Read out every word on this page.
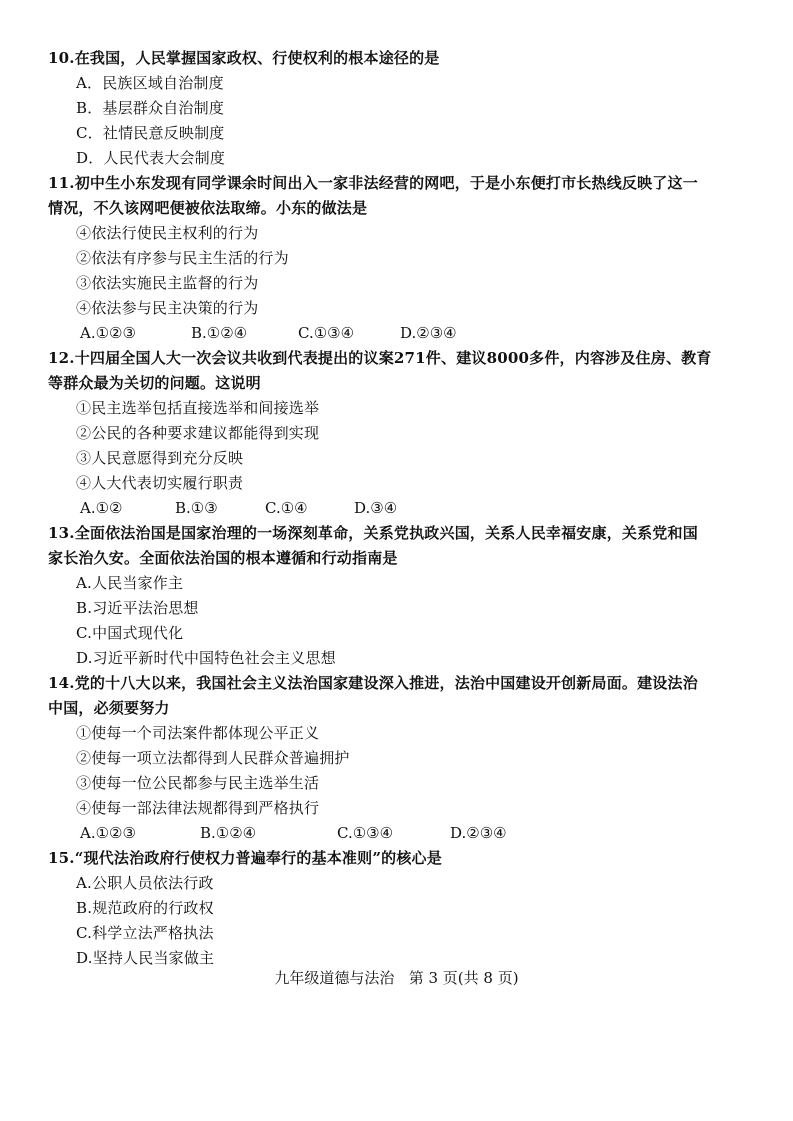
10.在我国，人民掌握国家政权、行使权利的根本途径的是
A．民族区域自治制度
B．基层群众自治制度
C．社情民意反映制度
D．人民代表大会制度
11.初中生小东发现有同学课余时间出入一家非法经营的网吧，于是小东便打市长热线反映了这一
情况，不久该网吧便被依法取缔。小东的做法是
④依法行使民主权利的行为
②依法有序参与民主生活的行为
③依法实施民主监督的行为
④依法参与民主决策的行为
A.①②③	B.①②④	C.①③④	D.②③④
12.十四届全国人大一次会议共收到代表提出的议案271件、建议8000多件，内容涉及住房、教育
等群众最为关切的问题。这说明
①民主选举包括直接选举和间接选举
②公民的各种要求建议都能得到实现
③人民意愿得到充分反映
④人大代表切实履行职责
A.①②	B.①③	C.①④	D.③④
13.全面依法治国是国家治理的一场深刻革命，关系党执政兴国，关系人民幸福安康，关系党和国
家长治久安。全面依法治国的根本遵循和行动指南是
A.人民当家作主
B.习近平法治思想
C.中国式现代化
D.习近平新时代中国特色社会主义思想
14.党的十八大以来，我国社会主义法治国家建设深入推进，法治中国建设开创新局面。建设法治
中国，必须要努力
①使每一个司法案件都体现公平正义
②使每一项立法都得到人民群众普遍拥护
③使每一位公民都参与民主选举生活
④使每一部法律法规都得到严格执行
A.①②③	B.①②④	C.①③④	D.②③④
15.“现代法治政府行使权力普遍奉行的基本准则”的核心是
A.公职人员依法行政
B.规范政府的行政权
C.科学立法严格执法
D.坚持人民当家做主
九年级道德与法治   第 3 页(共 8 页)
